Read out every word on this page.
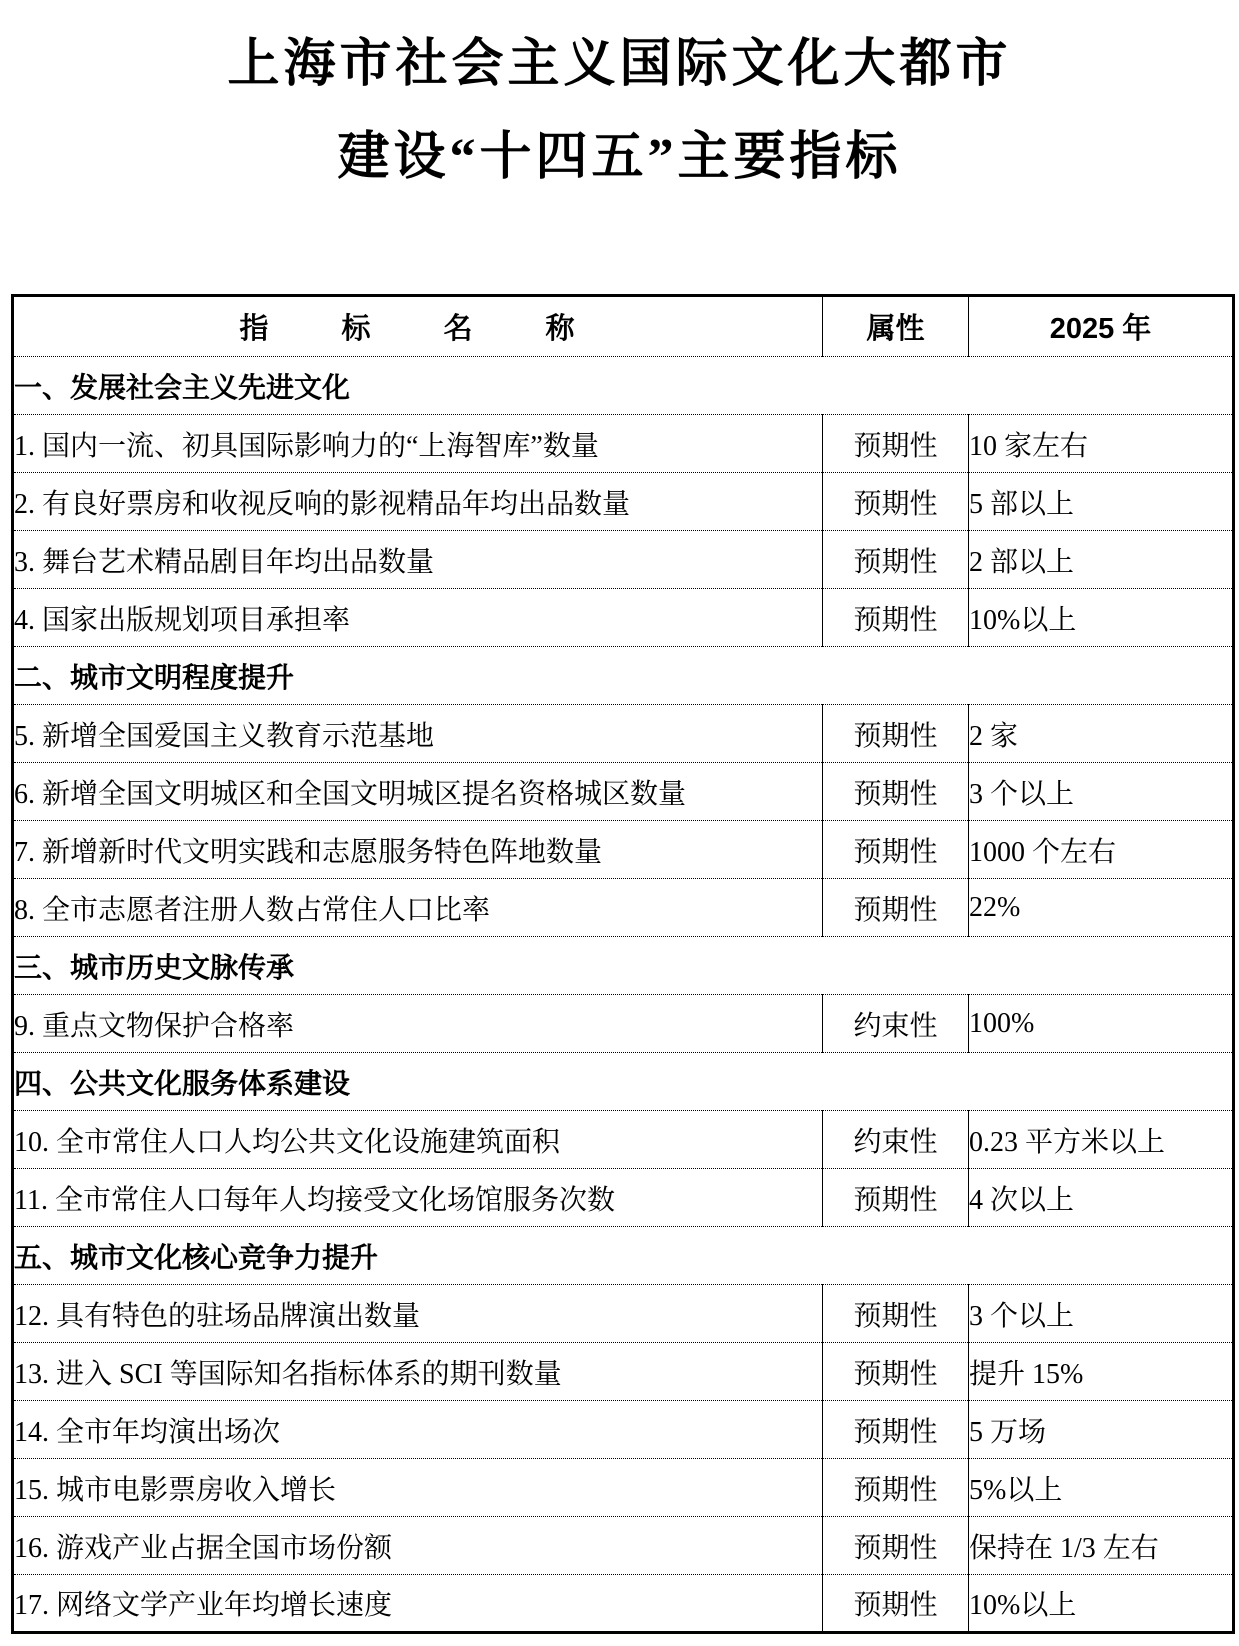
上海市社会主义国际文化大都市
建设“十四五”主要指标
指　标　名　称	属性	2025 年
一、发展社会主义先进文化		
1. 国内一流、初具国际影响力的“上海智库”数量	预期性	10 家左右
2. 有良好票房和收视反响的影视精品年均出品数量	预期性	5 部以上
3. 舞台艺术精品剧目年均出品数量	预期性	2 部以上
4. 国家出版规划项目承担率	预期性	10%以上
二、城市文明程度提升		
5. 新增全国爱国主义教育示范基地	预期性	2 家
6. 新增全国文明城区和全国文明城区提名资格城区数量	预期性	3 个以上
7. 新增新时代文明实践和志愿服务特色阵地数量	预期性	1000 个左右
8. 全市志愿者注册人数占常住人口比率	预期性	22%
三、城市历史文脉传承		
9. 重点文物保护合格率	约束性	100%
四、公共文化服务体系建设		
10. 全市常住人口人均公共文化设施建筑面积	约束性	0.23 平方米以上
11. 全市常住人口每年人均接受文化场馆服务次数	预期性	4 次以上
五、城市文化核心竞争力提升		
12. 具有特色的驻场品牌演出数量	预期性	3 个以上
13. 进入 SCI 等国际知名指标体系的期刊数量	预期性	提升 15%
14. 全市年均演出场次	预期性	5 万场
15. 城市电影票房收入增长	预期性	5%以上
16. 游戏产业占据全国市场份额	预期性	保持在 1/3 左右
17. 网络文学产业年均增长速度	预期性	10%以上
